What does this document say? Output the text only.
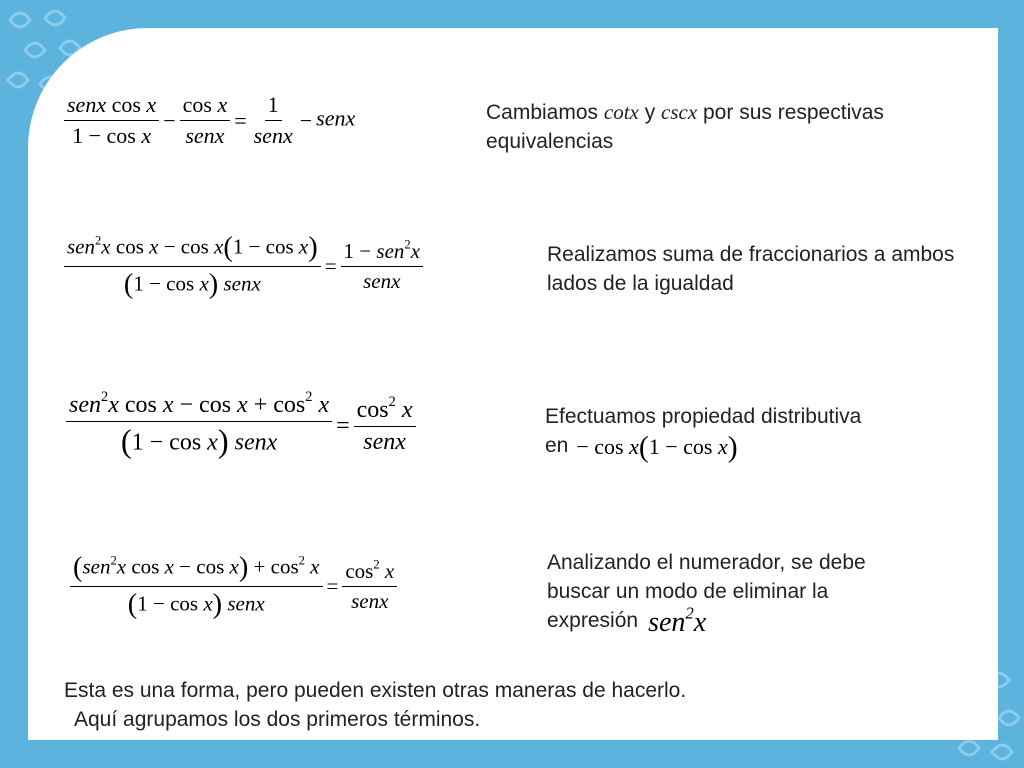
$\frac{\text{senx cos x}}{\text{1 − cos x}} - \frac{\text{cos x}}{\text{senx}} = \frac{1}{\text{senx}}$ − senx	Cambiamos cotx y cscx por sus respectivas equivalencias
$\frac{sen^2x \cos x - \cos x(1 - \cos x)}{\text{(1 − cos x) senx}} = \frac{1 - sen^2x}{\text{senx}}$	Realizamos suma de fraccionarios a ambos lados de la igualdad
$\frac{sen^2x \cos x - \cos x + \cos^2 x}{\text{(1 − cos x) senx}} = \frac{\cos^2 x}{\text{senx}}$	Efectuamos propiedad distributiva
en − cos x(1 − cos x)
$\frac{(sen^2x \cos x - \cos x) + \cos^2 x}{\text{(1 − cos x) senx}} = \frac{\cos^2 x}{\text{senx}}$	Analizando el numerador, se debe
buscar un modo de eliminar la
expresión sen$^2$x
Esta es una forma, pero pueden existen otras maneras de hacerlo.
Aquí agrupamos los dos primeros términos.
